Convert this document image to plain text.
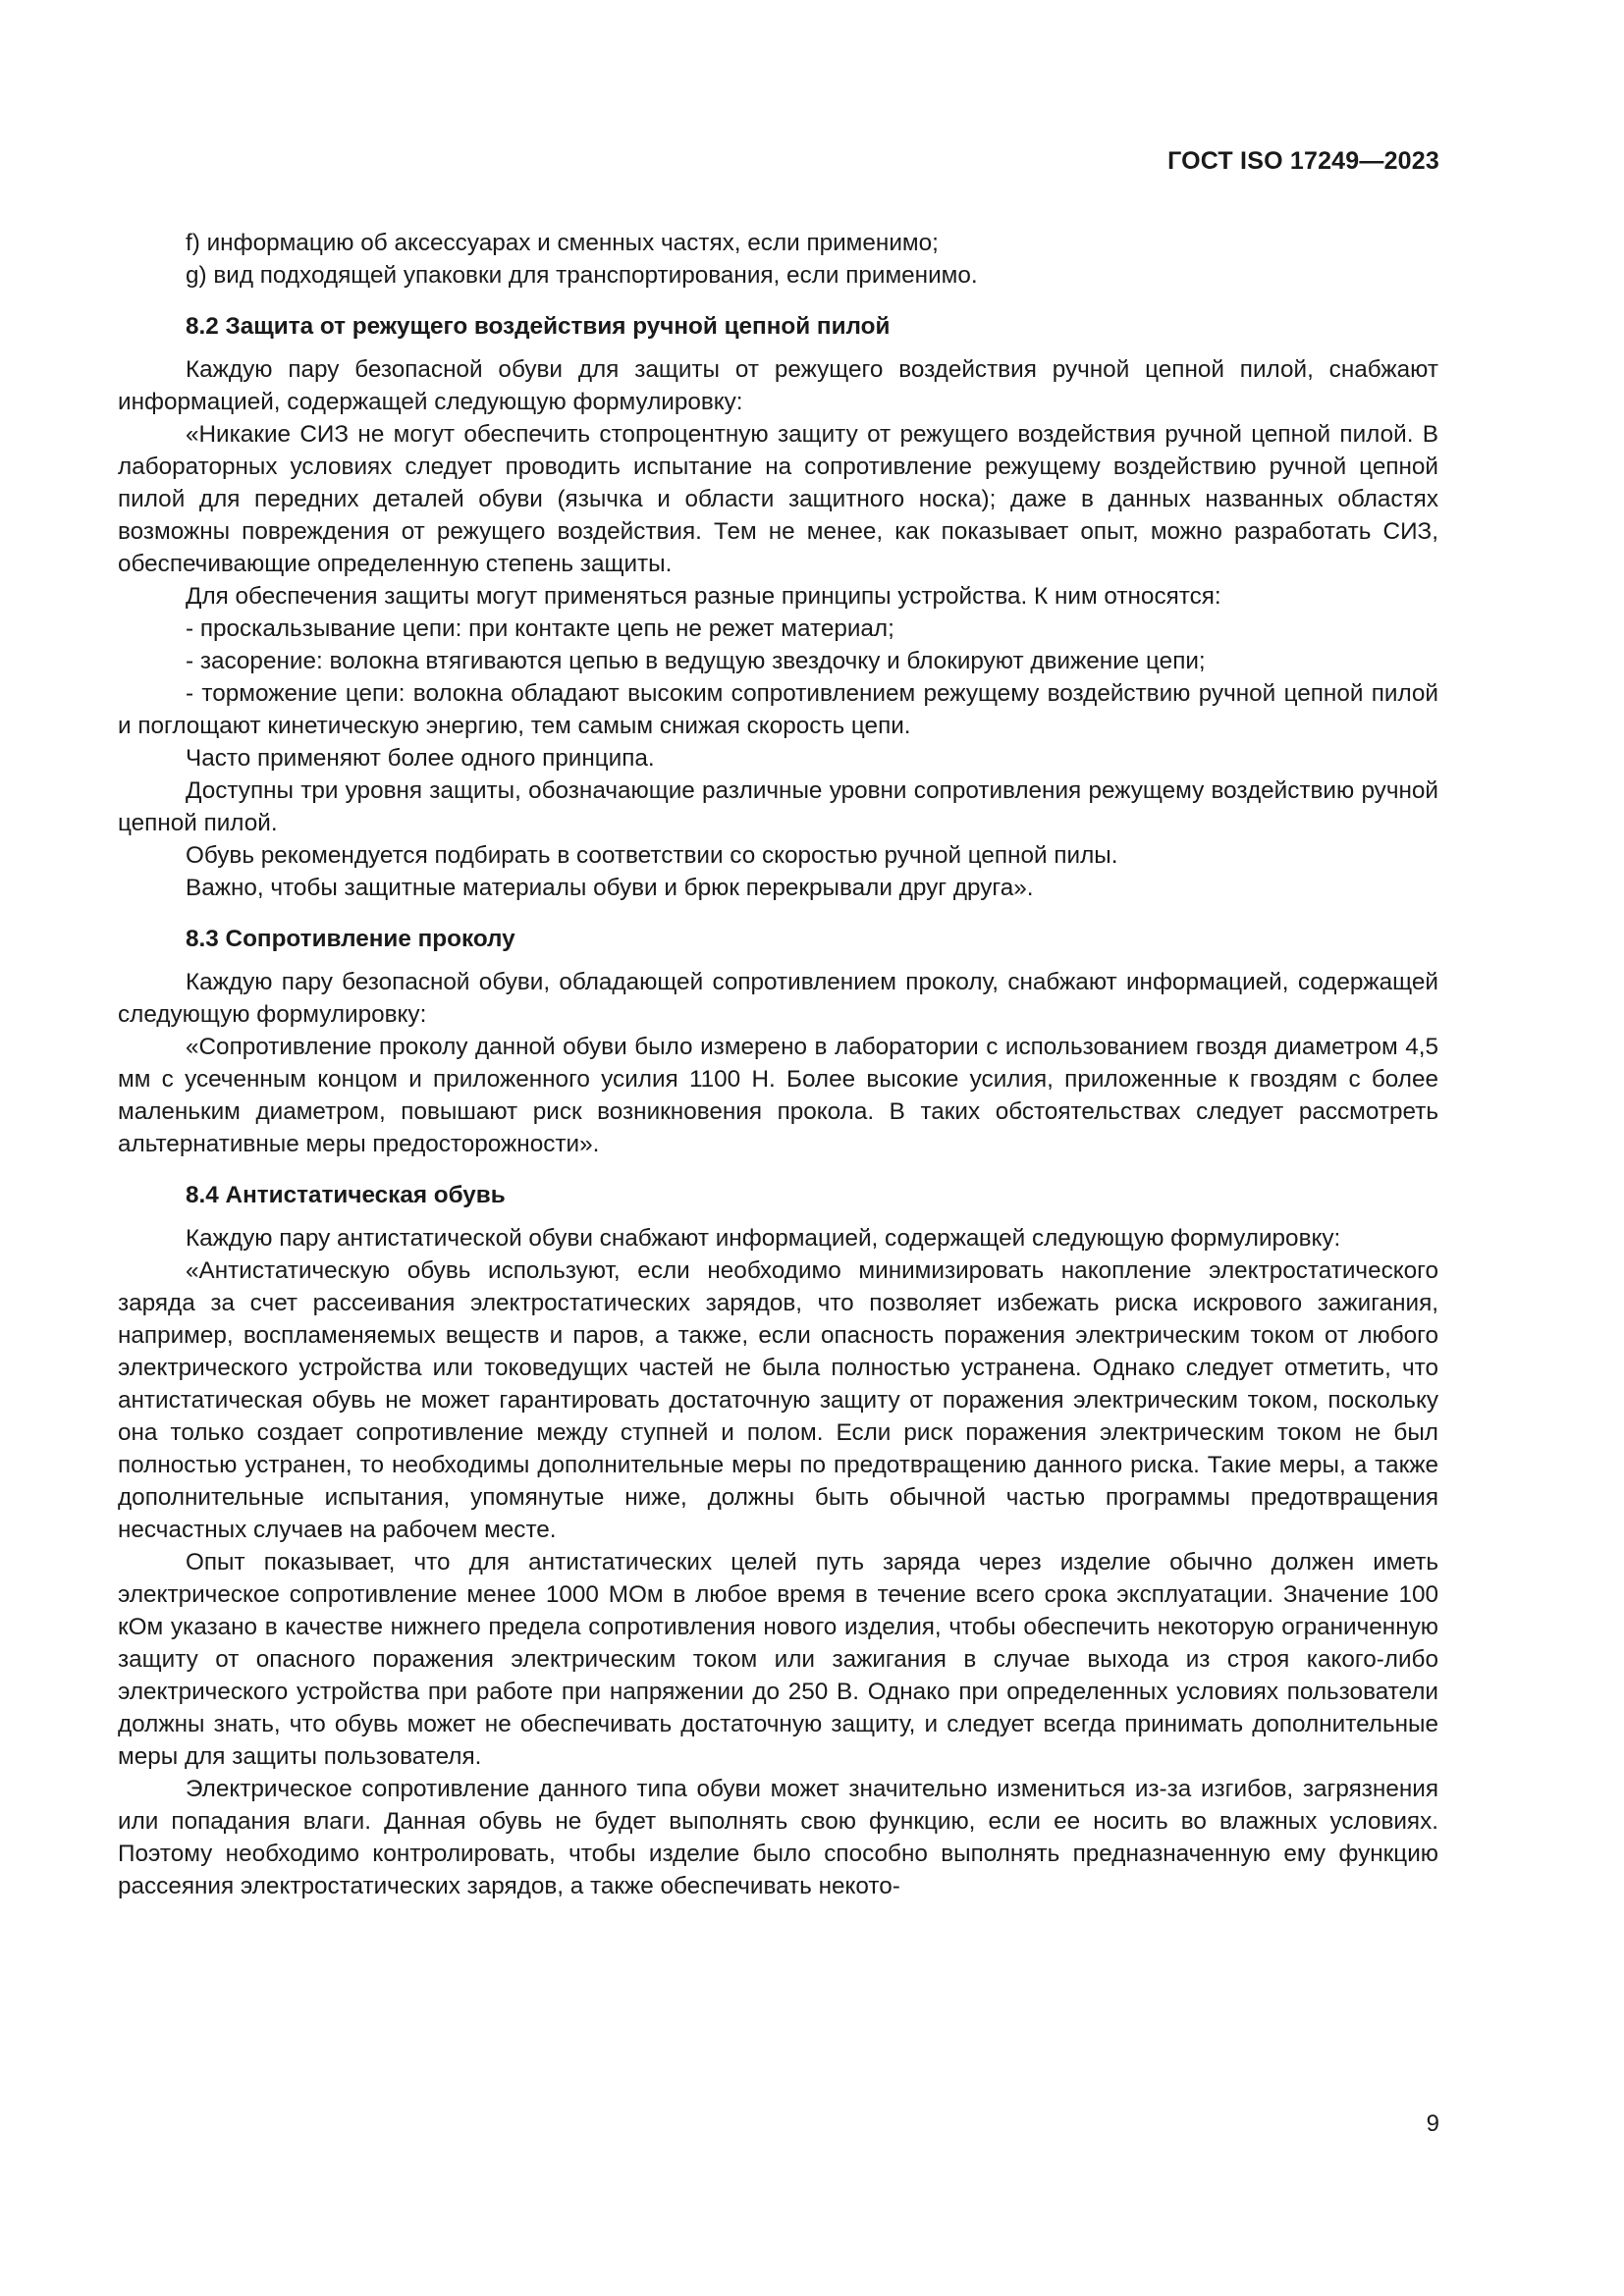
ГОСТ ISO 17249—2023

f) информацию об аксессуарах и сменных частях, если применимо;

g) вид подходящей упаковки для транспортирования, если применимо.

8.2 Защита от режущего воздействия ручной цепной пилой

Каждую пару безопасной обуви для защиты от режущего воздействия ручной цепной пилой, снабжают информацией, содержащей следующую формулировку:

«Никакие СИЗ не могут обеспечить стопроцентную защиту от режущего воздействия ручной цепной пилой. В лабораторных условиях следует проводить испытание на сопротивление режущему воздействию ручной цепной пилой для передних деталей обуви (язычка и области защитного носка); даже в данных названных областях возможны повреждения от режущего воздействия. Тем не менее, как показывает опыт, можно разработать СИЗ, обеспечивающие определенную степень защиты.

Для обеспечения защиты могут применяться разные принципы устройства. К ним относятся:

- проскальзывание цепи: при контакте цепь не режет материал;

- засорение: волокна втягиваются цепью в ведущую звездочку и блокируют движение цепи;

- торможение цепи: волокна обладают высоким сопротивлением режущему воздействию ручной цепной пилой и поглощают кинетическую энергию, тем самым снижая скорость цепи.

Часто применяют более одного принципа.

Доступны три уровня защиты, обозначающие различные уровни сопротивления режущему воздействию ручной цепной пилой.

Обувь рекомендуется подбирать в соответствии со скоростью ручной цепной пилы.

Важно, чтобы защитные материалы обуви и брюк перекрывали друг друга».

8.3 Сопротивление проколу

Каждую пару безопасной обуви, обладающей сопротивлением проколу, снабжают информацией, содержащей следующую формулировку:

«Сопротивление проколу данной обуви было измерено в лаборатории с использованием гвоздя диаметром 4,5 мм с усеченным концом и приложенного усилия 1100 Н. Более высокие усилия, приложенные к гвоздям с более маленьким диаметром, повышают риск возникновения прокола. В таких обстоятельствах следует рассмотреть альтернативные меры предосторожности».

8.4 Антистатическая обувь

Каждую пару антистатической обуви снабжают информацией, содержащей следующую формулировку:

«Антистатическую обувь используют, если необходимо минимизировать накопление электростатического заряда за счет рассеивания электростатических зарядов, что позволяет избежать риска искрового зажигания, например, воспламеняемых веществ и паров, а также, если опасность поражения электрическим током от любого электрического устройства или токоведущих частей не была полностью устранена. Однако следует отметить, что антистатическая обувь не может гарантировать достаточную защиту от поражения электрическим током, поскольку она только создает сопротивление между ступней и полом. Если риск поражения электрическим током не был полностью устранен, то необходимы дополнительные меры по предотвращению данного риска. Такие меры, а также дополнительные испытания, упомянутые ниже, должны быть обычной частью программы предотвращения несчастных случаев на рабочем месте.

Опыт показывает, что для антистатических целей путь заряда через изделие обычно должен иметь электрическое сопротивление менее 1000 МОм в любое время в течение всего срока эксплуатации. Значение 100 кОм указано в качестве нижнего предела сопротивления нового изделия, чтобы обеспечить некоторую ограниченную защиту от опасного поражения электрическим током или зажигания в случае выхода из строя какого-либо электрического устройства при работе при напряжении до 250 В. Однако при определенных условиях пользователи должны знать, что обувь может не обеспечивать достаточную защиту, и следует всегда принимать дополнительные меры для защиты пользователя.

Электрическое сопротивление данного типа обуви может значительно измениться из-за изгибов, загрязнения или попадания влаги. Данная обувь не будет выполнять свою функцию, если ее носить во влажных условиях. Поэтому необходимо контролировать, чтобы изделие было способно выполнять предназначенную ему функцию рассеяния электростатических зарядов, а также обеспечивать некото-

9
